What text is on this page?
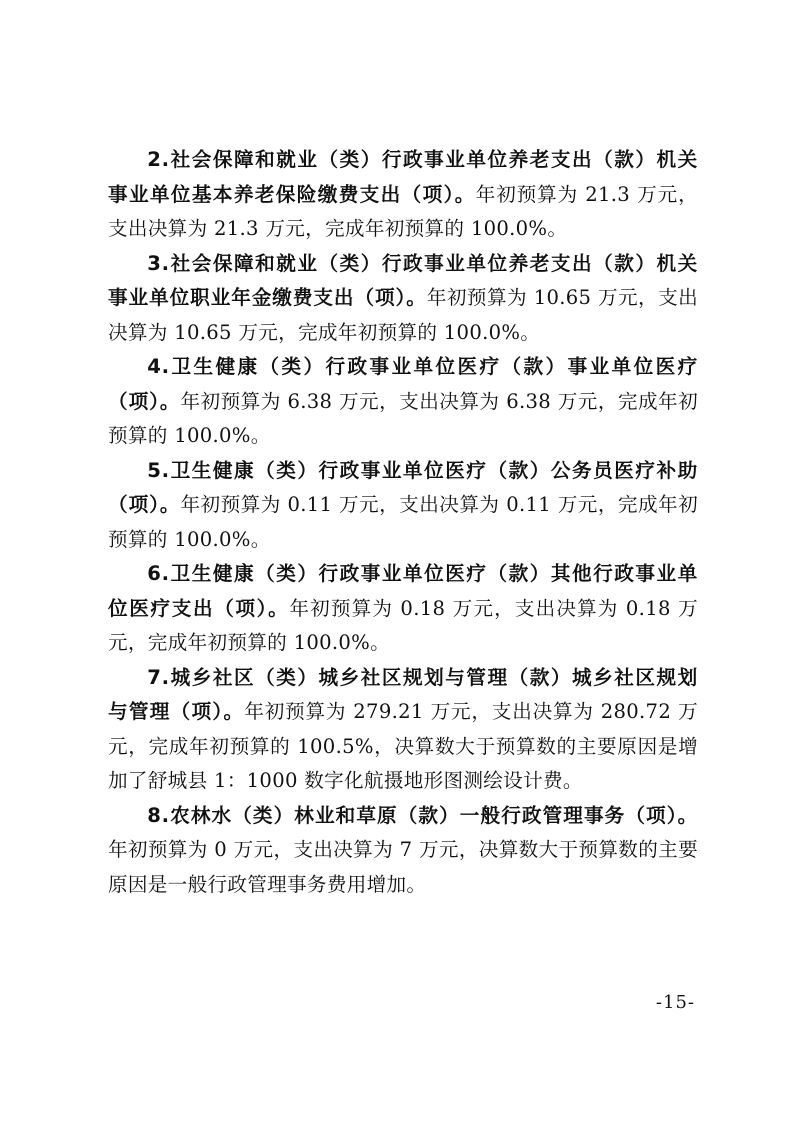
2.社会保障和就业（类）行政事业单位养老支出（款）机关事业单位基本养老保险缴费支出（项）。年初预算为 21.3 万元，支出决算为 21.3 万元，完成年初预算的 100.0%。

3.社会保障和就业（类）行政事业单位养老支出（款）机关事业单位职业年金缴费支出（项）。年初预算为 10.65 万元，支出决算为 10.65 万元，完成年初预算的 100.0%。

4.卫生健康（类）行政事业单位医疗（款）事业单位医疗（项）。年初预算为 6.38 万元，支出决算为 6.38 万元，完成年初预算的 100.0%。

5.卫生健康（类）行政事业单位医疗（款）公务员医疗补助（项）。年初预算为 0.11 万元，支出决算为 0.11 万元，完成年初预算的 100.0%。

6.卫生健康（类）行政事业单位医疗（款）其他行政事业单位医疗支出（项）。年初预算为 0.18 万元，支出决算为 0.18 万元，完成年初预算的 100.0%。

7.城乡社区（类）城乡社区规划与管理（款）城乡社区规划与管理（项）。年初预算为 279.21 万元，支出决算为 280.72 万元，完成年初预算的 100.5%，决算数大于预算数的主要原因是增加了舒城县 1：1000 数字化航摄地形图测绘设计费。

8.农林水（类）林业和草原（款）一般行政管理事务（项）。年初预算为 0 万元，支出决算为 7 万元，决算数大于预算数的主要原因是一般行政管理事务费用增加。

-15-
